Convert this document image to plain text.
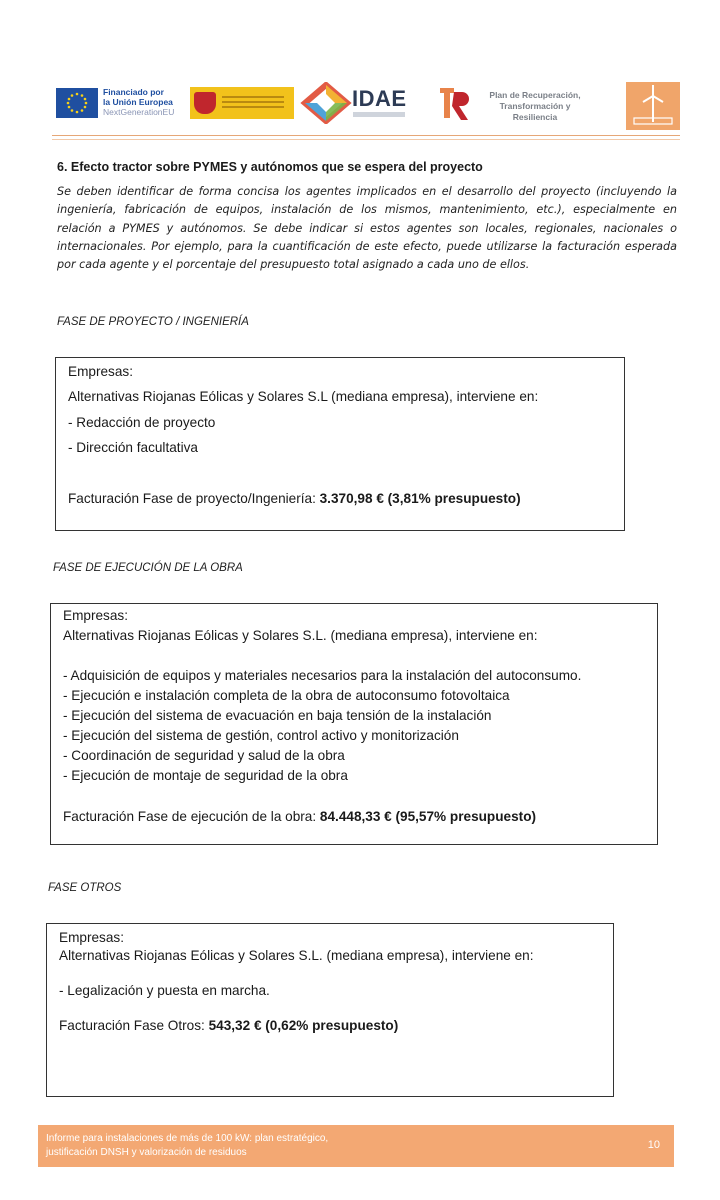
Financiado por
la Unión Europea
NextGenerationEU
IDAE	Plan de Recuperación,
Transformación y Resiliencia
6. Efecto tractor sobre PYMES y autónomos que se espera del proyecto
Se deben identificar de forma concisa los agentes implicados en el desarrollo del proyecto (incluyendo la ingeniería, fabricación de equipos, instalación de los mismos, mantenimiento, etc.), especialmente en relación a PYMES y autónomos. Se debe indicar si estos agentes son locales, regionales, nacionales o internacionales. Por ejemplo, para la cuantificación de este efecto, puede utilizarse la facturación esperada por cada agente y el porcentaje del presupuesto total asignado a cada uno de ellos.
FASE DE PROYECTO / INGENIERÍA
Empresas:
Alternativas Riojanas Eólicas y Solares S.L (mediana empresa), interviene en:
- Redacción de proyecto
- Dirección facultativa
Facturación Fase de proyecto/Ingeniería: 3.370,98 € (3,81% presupuesto)
FASE DE EJECUCIÓN DE LA OBRA
Empresas:
Alternativas Riojanas Eólicas y Solares S.L. (mediana empresa), interviene en:
- Adquisición de equipos y materiales necesarios para la instalación del autoconsumo.
- Ejecución e instalación completa de la obra de autoconsumo fotovoltaica
- Ejecución del sistema de evacuación en baja tensión de la instalación
- Ejecución del sistema de gestión, control activo y monitorización
- Coordinación de seguridad y salud de la obra
- Ejecución de montaje de seguridad de la obra
Facturación Fase de ejecución de la obra: 84.448,33 € (95,57% presupuesto)
FASE OTROS
Empresas:
Alternativas Riojanas Eólicas y Solares S.L. (mediana empresa), interviene en:
- Legalización y puesta en marcha.
Facturación Fase Otros: 543,32 € (0,62% presupuesto)
Informe para instalaciones de más de 100 kW: plan estratégico,
justificación DNSH y valorización de residuos
10
